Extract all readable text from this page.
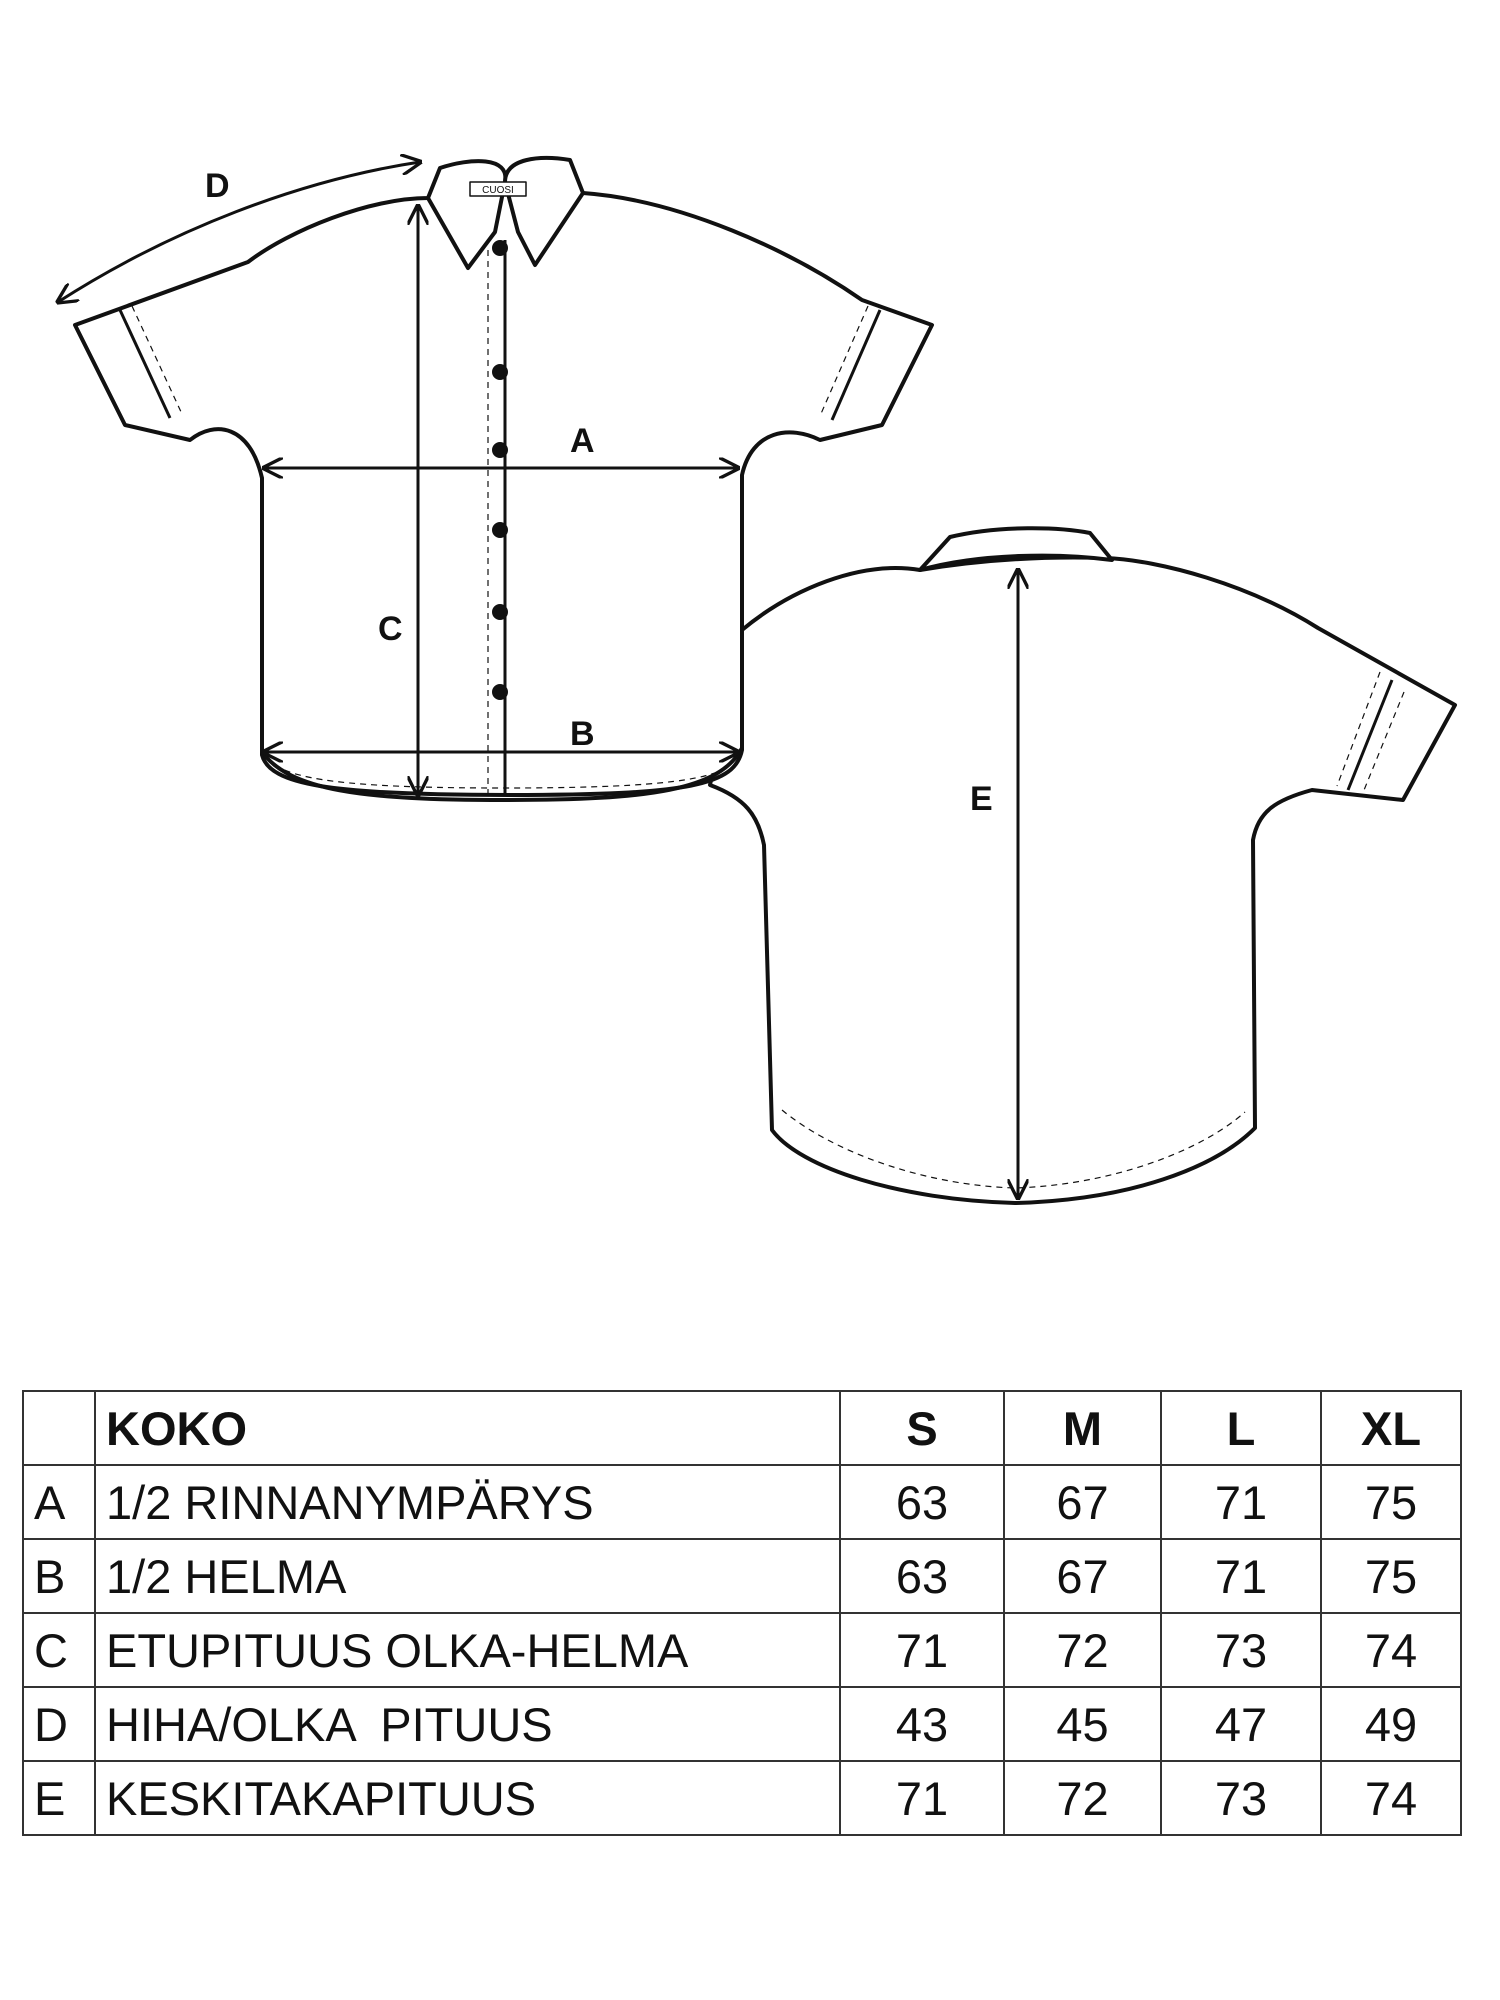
CUOSI
A
B
C
D
E
	KOKO	S	M	L	XL
A	1/2 RINNANYMPÄRYS	63	67	71	75
B	1/2 HELMA	63	67	71	75
C	ETUPITUUS OLKA-HELMA	71	72	73	74
D	HIHA/OLKA  PITUUS	43	45	47	49
E	KESKITAKAPITUUS	71	72	73	74
